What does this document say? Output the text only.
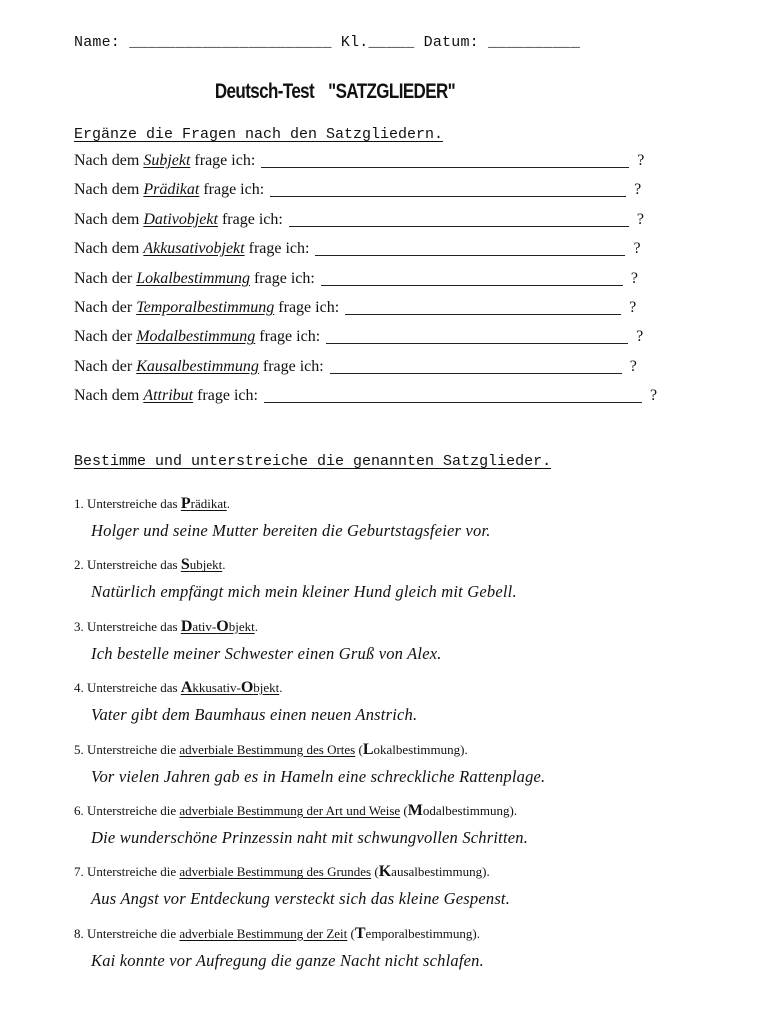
Name: ______________________ Kl._____ Datum: __________
Deutsch-Test "SATZGLIEDER"
Ergänze die Fragen nach den Satzgliedern.
Nach dem Subjekt frage ich:	?
Nach dem Prädikat frage ich:	?
Nach dem Dativobjekt frage ich:	?
Nach dem Akkusativobjekt frage ich:	?
Nach der Lokalbestimmung frage ich:	?
Nach der Temporalbestimmung frage ich:	?
Nach der Modalbestimmung frage ich:	?
Nach der Kausalbestimmung frage ich:	?
Nach dem Attribut frage ich:	?
Bestimme und unterstreiche die genannten Satzglieder.
1. Unterstreiche das Prädikat.
Holger und seine Mutter bereiten die Geburtstagsfeier vor.
2. Unterstreiche das Subjekt.
Natürlich empfängt mich mein kleiner Hund gleich mit Gebell.
3. Unterstreiche das Dativ-Objekt.
Ich bestelle meiner Schwester einen Gruß von Alex.
4. Unterstreiche das Akkusativ-Objekt.
Vater gibt dem Baumhaus einen neuen Anstrich.
5. Unterstreiche die adverbiale Bestimmung des Ortes (Lokalbestimmung).
Vor vielen Jahren gab es in Hameln eine schreckliche Rattenplage.
6. Unterstreiche die adverbiale Bestimmung der Art und Weise (Modalbestimmung).
Die wunderschöne Prinzessin naht mit schwungvollen Schritten.
7. Unterstreiche die adverbiale Bestimmung des Grundes (Kausalbestimmung).
Aus Angst vor Entdeckung versteckt sich das kleine Gespenst.
8. Unterstreiche die adverbiale Bestimmung der Zeit (Temporalbestimmung).
Kai konnte vor Aufregung die ganze Nacht nicht schlafen.
